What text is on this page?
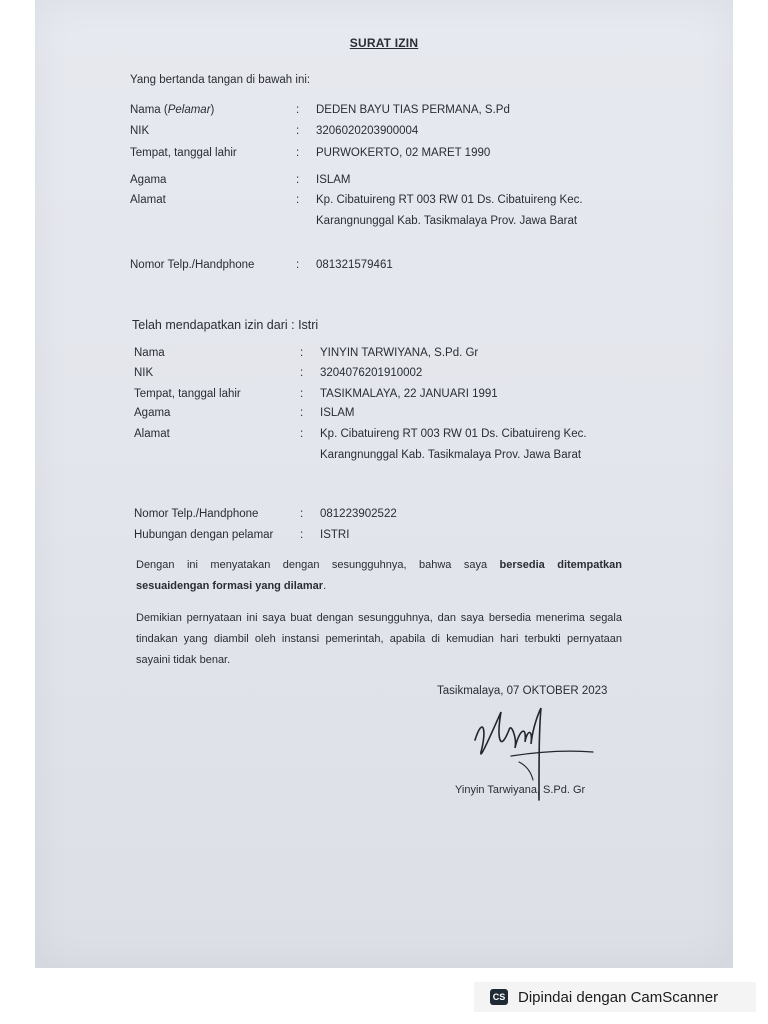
SURAT IZIN
Yang bertanda tangan di bawah ini:
Nama (Pelamar)	: DEDEN BAYU TIAS PERMANA, S.Pd
NIK	: 3206020203900004
Tempat, tanggal lahir	: PURWOKERTO, 02 MARET 1990
Agama	: ISLAM
Alamat	: Kp. Cibatuireng RT 003 RW 01 Ds. Cibatuireng Kec. Karangnunggal Kab. Tasikmalaya Prov. Jawa Barat
Nomor Telp./Handphone	: 081321579461
Telah mendapatkan izin dari : Istri
Nama	: YINYIN TARWIYANA, S.Pd. Gr
NIK	: 3204076201910002
Tempat, tanggal lahir	: TASIKMALAYA, 22 JANUARI 1991
Agama	: ISLAM
Alamat	: Kp. Cibatuireng RT 003 RW 01 Ds. Cibatuireng Kec. Karangnunggal Kab. Tasikmalaya Prov. Jawa Barat
Nomor Telp./Handphone	: 081223902522
Hubungan dengan pelamar	: ISTRI
Dengan ini menyatakan dengan sesungguhnya, bahwa saya bersedia ditempatkan sesuaidengan formasi yang dilamar.
Demikian pernyataan ini saya buat dengan sesungguhnya, dan saya bersedia menerima segala tindakan yang diambil oleh instansi pemerintah, apabila di kemudian hari terbukti pernyataan sayaini tidak benar.
Tasikmalaya, 07 OKTOBER 2023
Yinyin Tarwiyana, S.Pd. Gr
CS Dipindai dengan CamScanner
